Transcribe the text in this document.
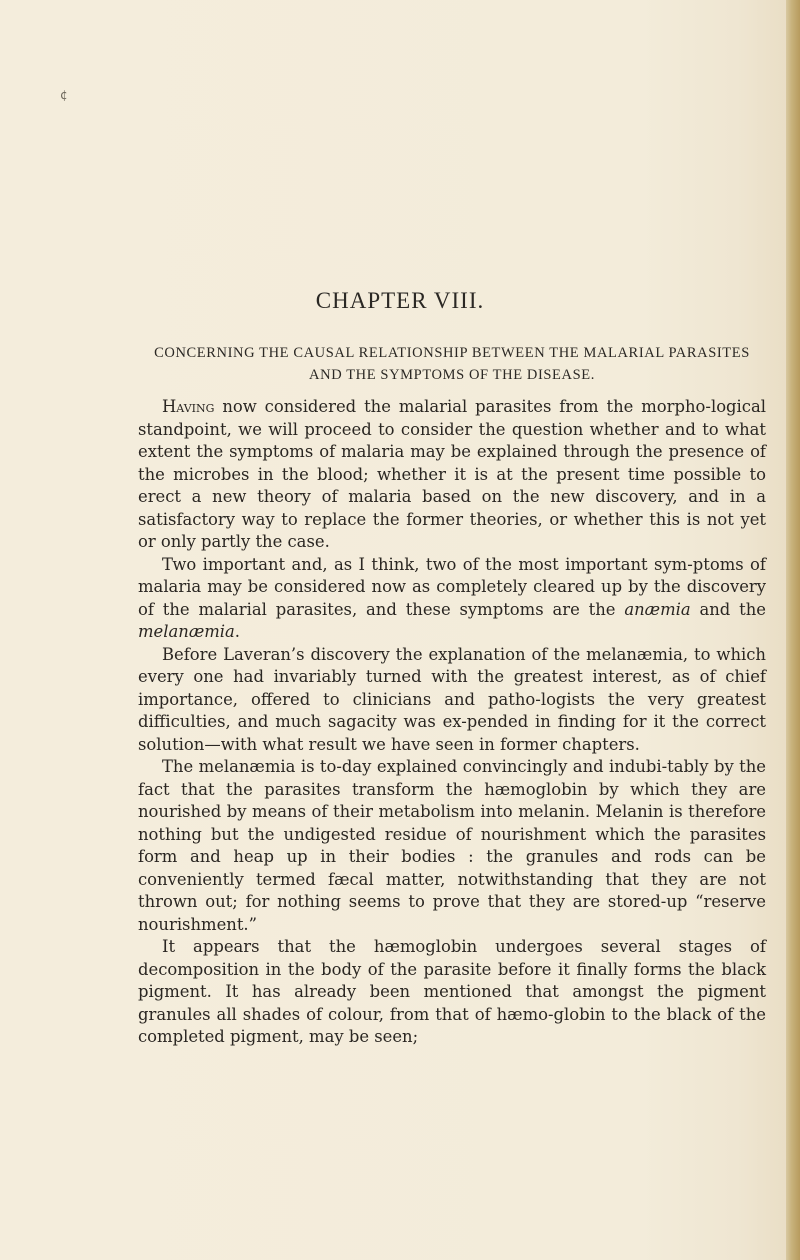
¢
CHAPTER VIII.
CONCERNING THE CAUSAL RELATIONSHIP BETWEEN THE MALARIAL PARASITES AND THE SYMPTOMS OF THE DISEASE.

Having now considered the malarial parasites from the morpho-logical standpoint, we will proceed to consider the question whether and to what extent the symptoms of malaria may be explained through the presence of the microbes in the blood; whether it is at the present time possible to erect a new theory of malaria based on the new discovery, and in a satisfactory way to replace the former theories, or whether this is not yet or only partly the case.

Two important and, as I think, two of the most important sym-ptoms of malaria may be considered now as completely cleared up by the discovery of the malarial parasites, and these symptoms are the anæmia and the melanæmia.

Before Laveran’s discovery the explanation of the melanæmia, to which every one had invariably turned with the greatest interest, as of chief importance, offered to clinicians and patho-logists the very greatest difficulties, and much sagacity was ex-pended in finding for it the correct solution—with what result we have seen in former chapters.

The melanæmia is to-day explained convincingly and indubi-tably by the fact that the parasites transform the hæmoglobin by which they are nourished by means of their metabolism into melanin. Melanin is therefore nothing but the undigested residue of nourishment which the parasites form and heap up in their bodies : the granules and rods can be conveniently termed fæcal matter, notwithstanding that they are not thrown out; for nothing seems to prove that they are stored-up “reserve nourishment.”

It appears that the hæmoglobin undergoes several stages of decomposition in the body of the parasite before it finally forms the black pigment. It has already been mentioned that amongst the pigment granules all shades of colour, from that of hæmo-globin to the black of the completed pigment, may be seen;
